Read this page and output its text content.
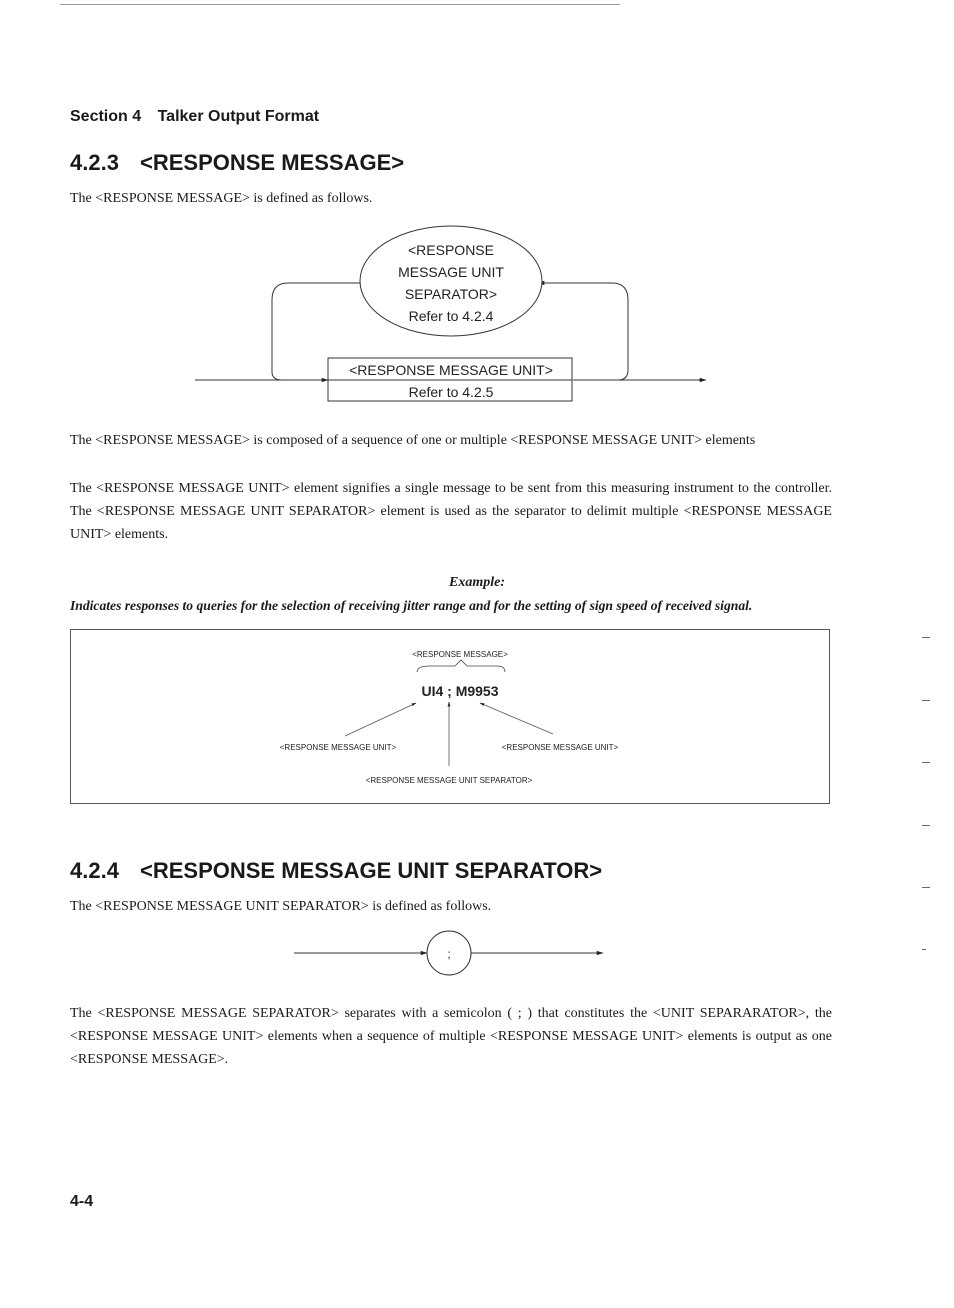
Section 4 Talker Output Format
4.2.3 <RESPONSE MESSAGE>
The <RESPONSE MESSAGE> is defined as follows.
<RESPONSE
MESSAGE UNIT
SEPARATOR>
Refer to 4.2.4
<RESPONSE MESSAGE UNIT>
Refer to 4.2.5
The <RESPONSE MESSAGE> is composed of a sequence of one or multiple <RESPONSE MESSAGE UNIT> elements
The <RESPONSE MESSAGE UNIT> element signifies a single message to be sent from this measuring instrument to the controller. The <RESPONSE MESSAGE UNIT SEPARATOR> element is used as the separator to delimit multiple <RESPONSE MESSAGE UNIT> elements.
Example:
Indicates responses to queries for the selection of receiving jitter range and for the setting of sign speed of received signal.
<RESPONSE MESSAGE>
UI4 ; M9953
<RESPONSE MESSAGE UNIT>	<RESPONSE MESSAGE UNIT>
<RESPONSE MESSAGE UNIT SEPARATOR>
4.2.4 <RESPONSE MESSAGE UNIT SEPARATOR>
The <RESPONSE MESSAGE UNIT SEPARATOR> is defined as follows.
;
The <RESPONSE MESSAGE SEPARATOR> separates with a semicolon ( ; ) that constitutes the <UNIT SEPARARATOR>, the <RESPONSE MESSAGE UNIT> elements when a sequence of multiple <RESPONSE MESSAGE UNIT> elements is output as one <RESPONSE MESSAGE>.
4-4
